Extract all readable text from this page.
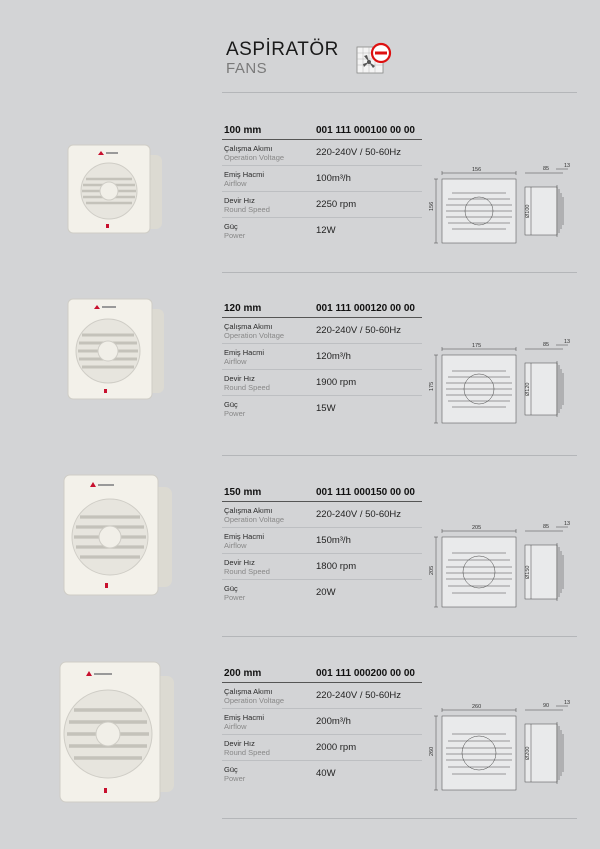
ASPİRATÖR
FANS
100 mm	001 111 000100 00 00
Çalışma Akımı
Operation Voltage	220-240V / 50-60Hz
Emiş Hacmi
Airflow	100m³/h
Devir Hız
Round Speed	2250 rpm
Güç
Power	12W
156
156	Ø100
85	13
120 mm	001 111 000120 00 00
Çalışma Akımı
Operation Voltage	220-240V / 50-60Hz
Emiş Hacmi
Airflow	120m³/h
Devir Hız
Round Speed	1900 rpm
Güç
Power	15W
175
175	Ø120
85	13
150 mm	001 111 000150 00 00
Çalışma Akımı
Operation Voltage	220-240V / 50-60Hz
Emiş Hacmi
Airflow	150m³/h
Devir Hız
Round Speed	1800 rpm
Güç
Power	20W
205
205	Ø150
85	13
200 mm	001 111 000200 00 00
Çalışma Akımı
Operation Voltage	220-240V / 50-60Hz
Emiş Hacmi
Airflow	200m³/h
Devir Hız
Round Speed	2000 rpm
Güç
Power	40W
260
260	Ø200
90	13
